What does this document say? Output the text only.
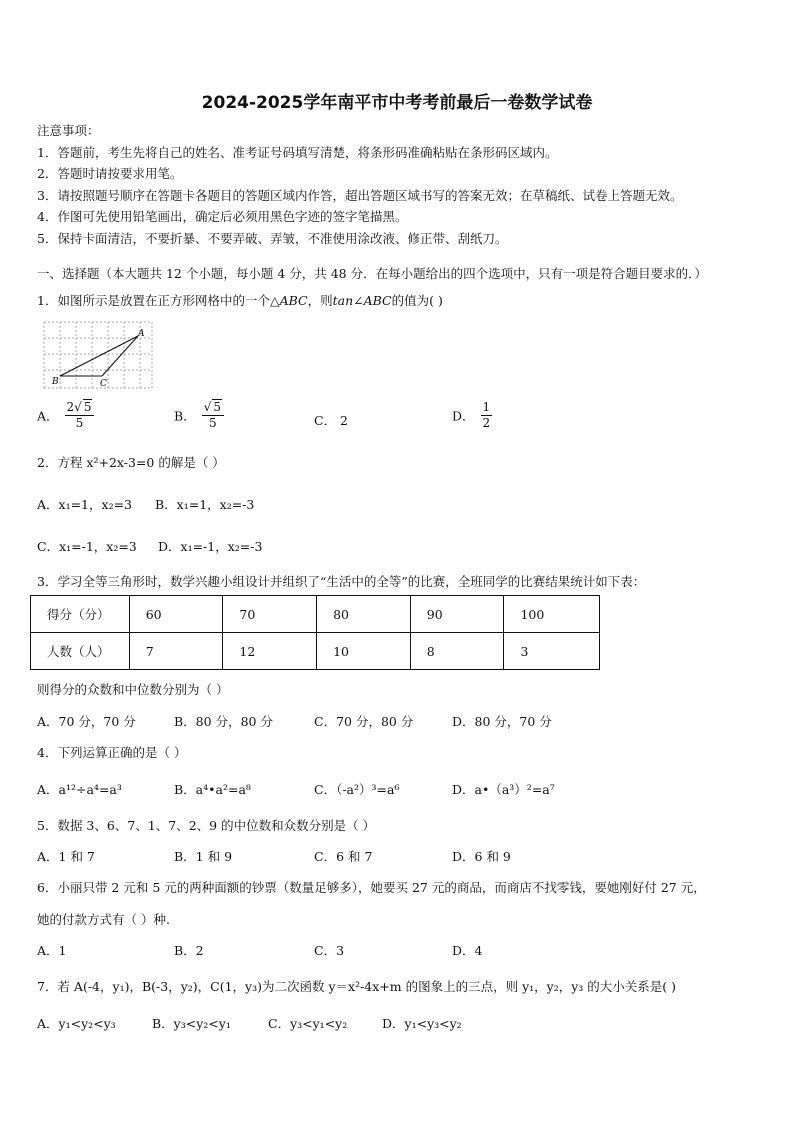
2024-2025学年南平市中考考前最后一卷数学试卷
注意事项：
1．答题前，考生先将自己的姓名、准考证号码填写清楚，将条形码准确粘贴在条形码区域内。
2．答题时请按要求用笔。
3．请按照题号顺序在答题卡各题目的答题区域内作答，超出答题区域书写的答案无效；在草稿纸、试卷上答题无效。
4．作图可先使用铅笔画出，确定后必须用黑色字迹的签字笔描黑。
5．保持卡面清洁，不要折暴、不要弄破、弄皱，不准使用涂改液、修正带、刮纸刀。
一、选择题（本大题共 12 个小题，每小题 4 分，共 48 分．在每小题给出的四个选项中，只有一项是符合题目要求的．）
1．如图所示是放置在正方形网格中的一个△ABC，则tan∠ABC的值为( )
A
B	C
A． $\frac{2√ 5}{5}$	B． $\frac{√ 5}{5}$	C． 2	D． $\frac{1}{2}$
2．方程 x²+2x-3=0 的解是（ ）
A．x₁=1，x₂=3 B．x₁=1，x₂=-3
C．x₁=-1，x₂=3 D．x₁=-1，x₂=-3
3．学习全等三角形时，数学兴趣小组设计并组织了“生活中的全等”的比赛，全班同学的比赛结果统计如下表：
得分（分）	60	70	80	90	100
人数（人）	7	12	10	8	3
则得分的众数和中位数分别为（ ）
A．70 分，70 分	B．80 分，80 分	C．70 分，80 分	D．80 分，70 分
4．下列运算正确的是（ ）
A．a¹²÷a⁴=a³	B．a⁴•a²=a⁸	C．（-a²）³=a⁶	D．a•（a³）²=a⁷
5．数据 3、6、7、1、7、2、9 的中位数和众数分别是（ ）
A．1 和 7	B．1 和 9	C．6 和 7	D．6 和 9
6．小丽只带 2 元和 5 元的两种面额的钞票（数量足够多），她要买 27 元的商品，而商店不找零钱，要她刚好付 27 元，
她的付款方式有（ ）种.
A．1	B．2	C．3	D．4
7．若 A(-4，y₁)，B(-3，y₂)，C(1，y₃)为二次函数 y＝x²-4x+m 的图象上的三点，则 y₁，y₂，y₃ 的大小关系是( )
A．y₁<y₂<y₃	B．y₃<y₂<y₁	C．y₃<y₁<y₂	D．y₁<y₃<y₂
